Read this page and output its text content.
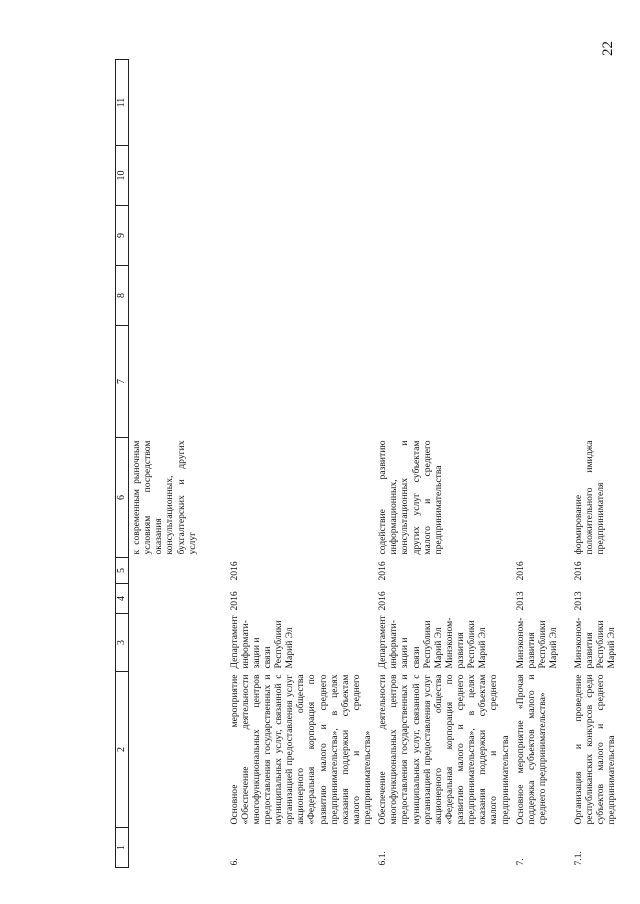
22
1	2	3	4	5	6	7	8	9	10	11
					к современным рыночным условиям посредством оказания консультационных, бухгалтерских и других услуг					
6.	Основное мероприятие «Обеспечение деятельности многофункциональных центров предоставления государственных и муниципальных услуг, связанной с организацией предоставления услуг акционерного общества «Федеральная корпорация по развитию малого и среднего предпринимательства», в целях оказания поддержки субъектам малого и среднего предпринимательства»	Департамент информати-зации и связи Республики Марий Эл	2016	2016						
6.1.	Обеспечение деятельности многофункциональных центров предоставления государственных и муниципальных услуг, связанной с организацией предоставления услуг акционерного общества «Федеральная корпорация по развитию малого и среднего предпринимательства», в целях оказания поддержки субъектам малого и среднего предпринимательства	Департамент информати-зации и связи Республики Марий Эл Минэконом-развития Республики Марий Эл	2016	2016	содействие развитию информационных, консультационных и других услуг субъектам малого и среднего предпринимательства					
7.	Основное мероприятие «Прочая поддержка субъектов малого и среднего предпринимательства»	Минэконом-развития Республики Марий Эл	2013	2016						
7.1.	Организация и проведение республиканских конкурсов среди субъектов малого и среднего предпринимательства	Минэконом-развития Республики Марий Эл	2013	2016	формирование положительного имиджа предпринимателя					
